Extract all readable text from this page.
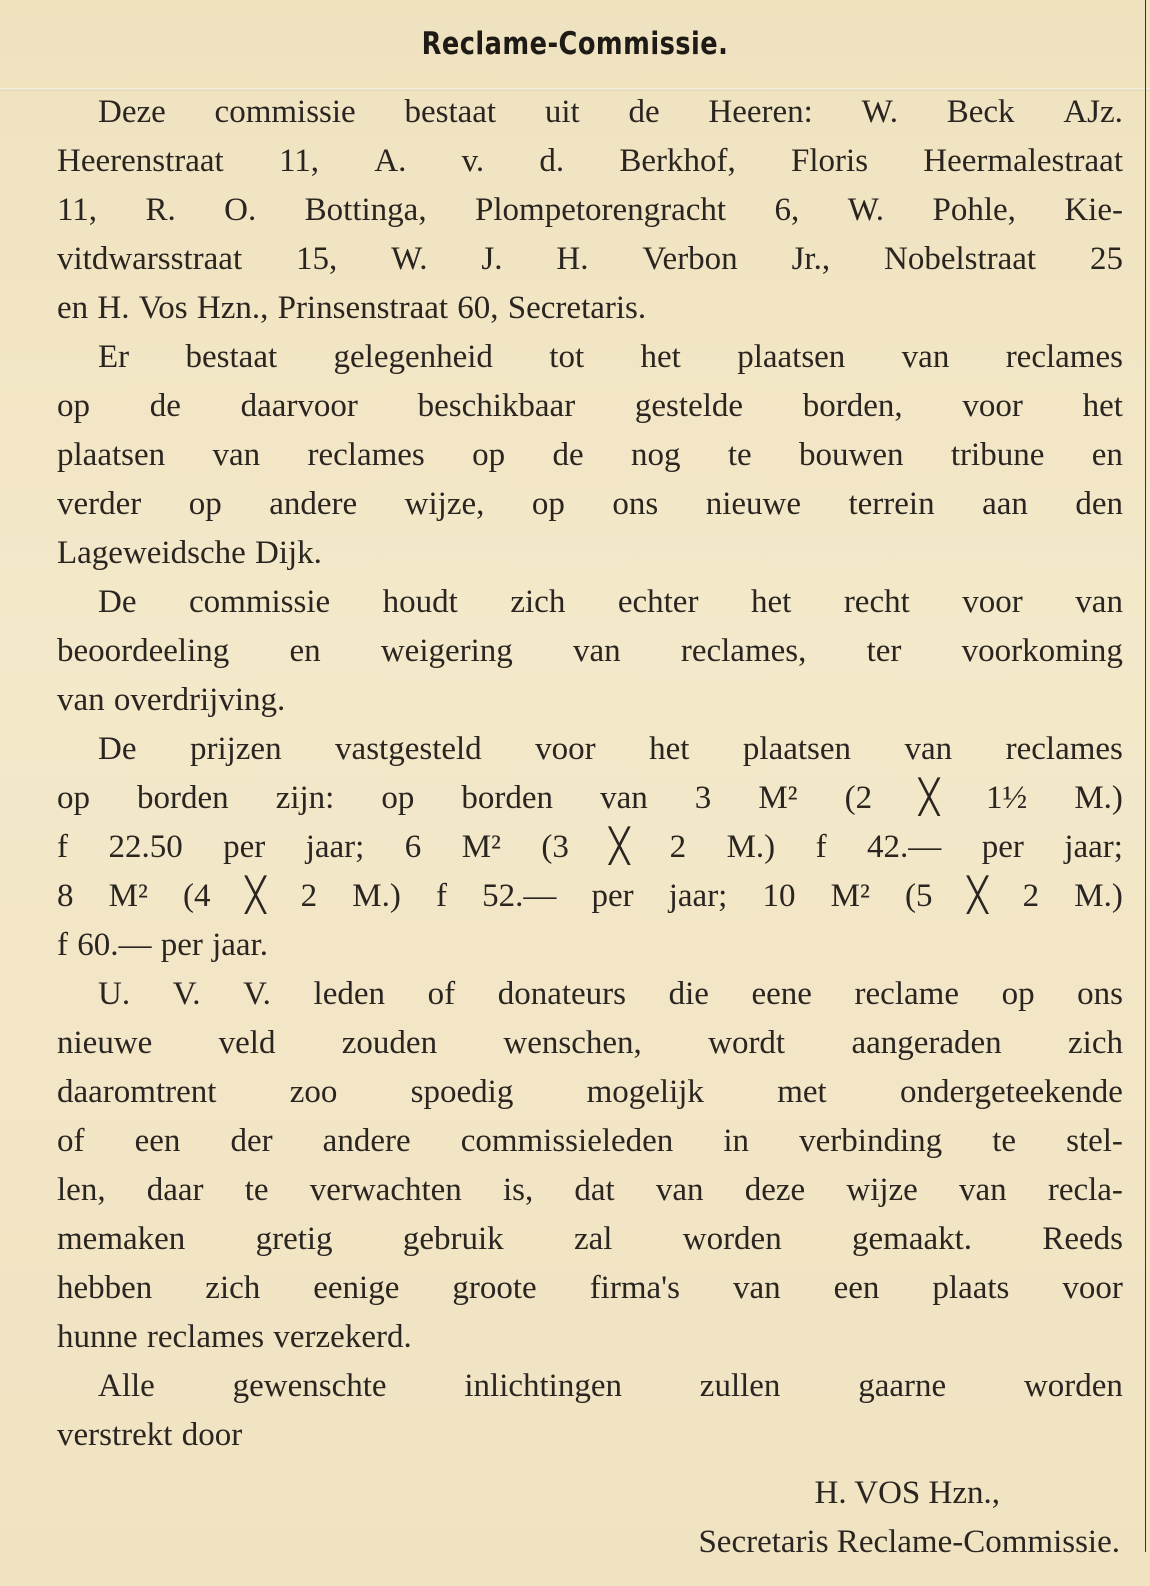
Reclame-Commissie.
Deze commissie bestaat uit de Heeren: W. Beck AJz.
Heerenstraat 11, A. v. d. Berkhof, Floris Heermalestraat
11, R. O. Bottinga, Plompetorengracht 6, W. Pohle, Kie-
vitdwarsstraat 15, W. J. H. Verbon Jr., Nobelstraat 25
en H. Vos Hzn., Prinsenstraat 60, Secretaris.
Er bestaat gelegenheid tot het plaatsen van reclames
op de daarvoor beschikbaar gestelde borden, voor het
plaatsen van reclames op de nog te bouwen tribune en
verder op andere wijze, op ons nieuwe terrein aan den
Lageweidsche Dijk.
De commissie houdt zich echter het recht voor van
beoordeeling en weigering van reclames, ter voorkoming
van overdrijving.
De prijzen vastgesteld voor het plaatsen van reclames
op borden zijn: op borden van 3 M² (2 ╳ 1½ M.)
f 22.50 per jaar; 6 M² (3 ╳ 2 M.) f 42.— per jaar;
8 M² (4 ╳ 2 M.) f 52.— per jaar; 10 M² (5 ╳ 2 M.)
f 60.— per jaar.
U. V. V. leden of donateurs die eene reclame op ons
nieuwe veld zouden wenschen, wordt aangeraden zich
daaromtrent zoo spoedig mogelijk met ondergeteekende
of een der andere commissieleden in verbinding te stel-
len, daar te verwachten is, dat van deze wijze van recla-
memaken gretig gebruik zal worden gemaakt. Reeds
hebben zich eenige groote firma's van een plaats voor
hunne reclames verzekerd.
Alle gewenschte inlichtingen zullen gaarne worden
verstrekt door
H. VOS Hzn.,
Secretaris Reclame-Commissie.
